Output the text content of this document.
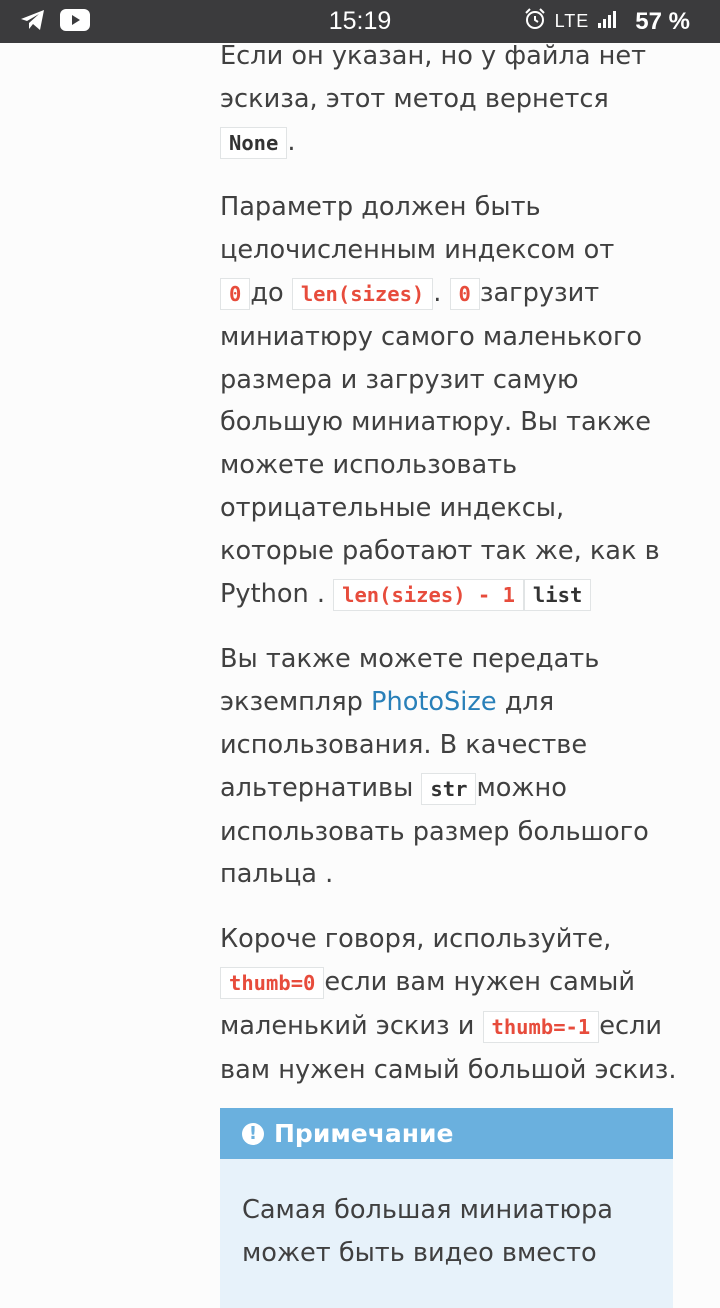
15:19	LTE 57 %

Если он указан, но у файла нет эскиза, этот метод вернется None .

Параметр должен быть целочисленным индексом от 0 до len(sizes) . 0 загрузит миниатюру самого маленького размера и загрузит самую большую миниатюру. Вы также можете использовать отрицательные индексы, которые работают так же, как в Python . len(sizes) - 1 list

Вы также можете передать экземпляр PhotoSize для использования. В качестве альтернативы str можно использовать размер большого пальца .

Короче говоря, используйте, thumb=0 если вам нужен самый маленький эскиз и thumb=-1 если вам нужен самый большой эскиз.

! Примечание
Самая большая миниатюра может быть видео вместо
